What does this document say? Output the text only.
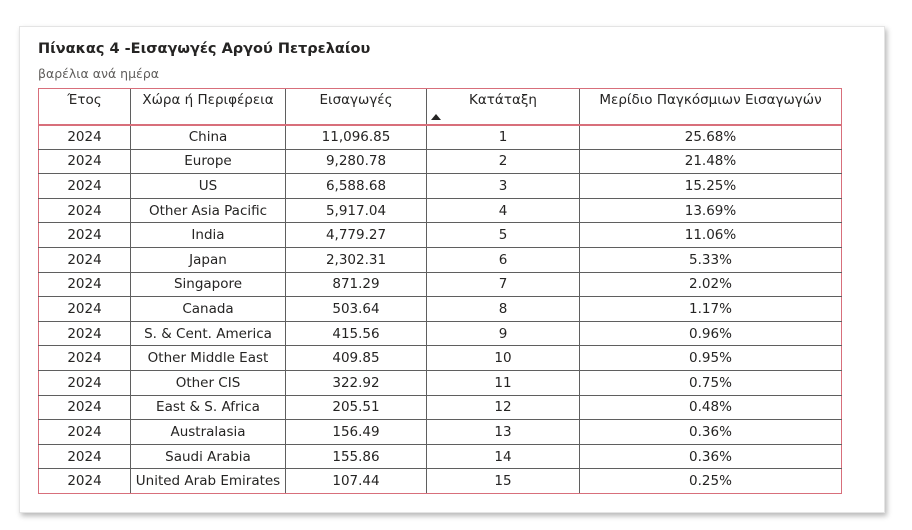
Πίνακας 4 -Εισαγωγές Αργού Πετρελαίου
βαρέλια ανά ημέρα
Έτος	Χώρα ή Περιφέρεια	Εισαγωγές	Κατάταξη	Μερίδιο Παγκόσμιων Εισαγωγών
2024	China	11,096.85	1	25.68%
2024	Europe	9,280.78	2	21.48%
2024	US	6,588.68	3	15.25%
2024	Other Asia Pacific	5,917.04	4	13.69%
2024	India	4,779.27	5	11.06%
2024	Japan	2,302.31	6	5.33%
2024	Singapore	871.29	7	2.02%
2024	Canada	503.64	8	1.17%
2024	S. & Cent. America	415.56	9	0.96%
2024	Other Middle East	409.85	10	0.95%
2024	Other CIS	322.92	11	0.75%
2024	East & S. Africa	205.51	12	0.48%
2024	Australasia	156.49	13	0.36%
2024	Saudi Arabia	155.86	14	0.36%
2024	United Arab Emirates	107.44	15	0.25%
